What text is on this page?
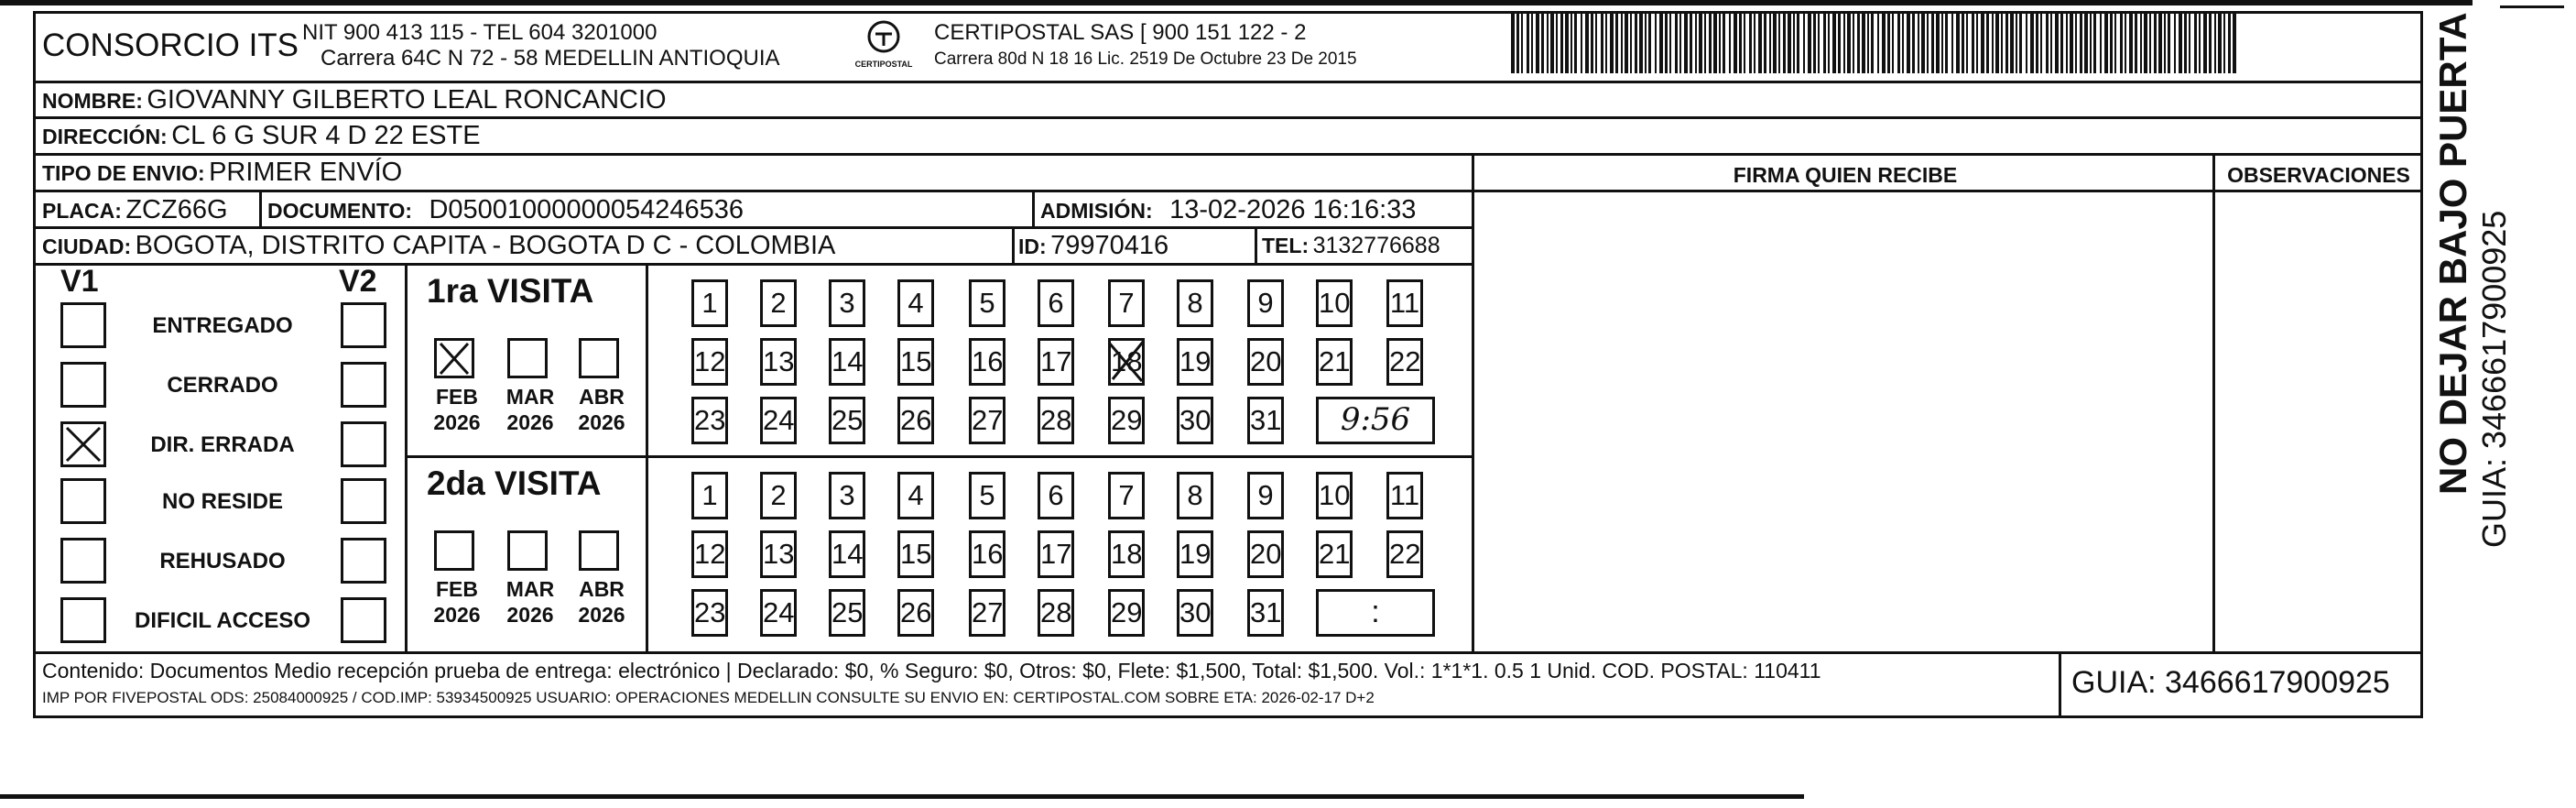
CONSORCIO ITS NIT 900 413 115 - TEL 604 3201000
Carrera 64C N 72 - 58 MEDELLIN ANTIOQUIA	CERTIPOSTAL
CERTIPOSTAL SAS [ 900 151 122 - 2
Carrera 80d N 18 16 Lic. 2519 De Octubre 23 De 2015
NOMBRE: GIOVANNY GILBERTO LEAL RONCANCIO
DIRECCIÓN: CL 6 G SUR 4 D 22 ESTE
TIPO DE ENVIO: PRIMER ENVÍO	FIRMA QUIEN RECIBE	OBSERVACIONES
PLACA: ZCZ66G DOCUMENTO: D05001000000054246536	ADMISIÓN: 13-02-2026 16:16:33
CIUDAD: BOGOTA, DISTRITO CAPITA - BOGOTA D C - COLOMBIA	ID: 79970416	TEL: 3132776688
V1	V2
ENTREGADO
CERRADO
DIR. ERRADA
NO RESIDE
REHUSADO
DIFICIL ACCESO
1ra VISITA
FEB
2026
MAR
2026
ABR
2026
1	2	3	4	5	6	7	8	9	10 11
12 13 14 15 16 17 18 19 20 21 22
23 24 25 26 27 28 29 30 31	9:56
2da VISITA
FEB
2026
MAR
2026
ABR
2026
1	2	3	4	5	6	7	8	9	10 11
12 13 14 15 16 17 18 19 20 21 22
23 24 25 26 27 28 29 30 31	:
Contenido: Documentos Medio recepción prueba de entrega: electrónico | Declarado: $0, % Seguro: $0, Otros: $0, Flete: $1,500, Total: $1,500. Vol.: 1*1*1. 0.5 1 Unid. COD. POSTAL: 110411
IMP POR FIVEPOSTAL ODS: 25084000925 / COD.IMP: 53934500925 USUARIO: OPERACIONES MEDELLIN CONSULTE SU ENVIO EN: CERTIPOSTAL.COM SOBRE ETA: 2026-02-17 D+2	GUIA: 3466617900925
NO DEJAR BAJO PUERTA GUIA: 3466617900925
